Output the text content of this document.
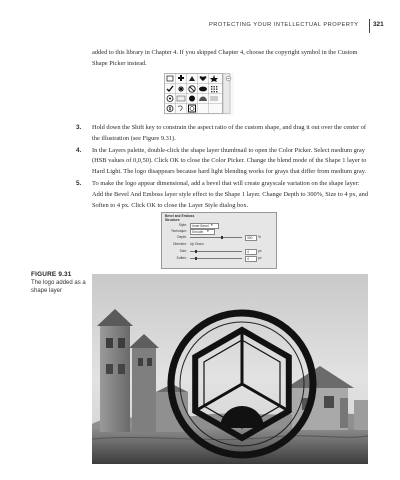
PROTECTING YOUR INTELLECTUAL PROPERTY 321

added to this library in Chapter 4. If you skipped Chapter 4, choose the copyright symbol in the Custom Shape Picker instead.

3. Hold down the Shift key to constrain the aspect ratio of the custom shape, and drag it out over the center of the illustration (see Figure 9.31).
4. In the Layers palette, double-click the shape layer thumbnail to open the Color Picker. Select medium gray (HSB values of 0,0,50). Click OK to close the Color Picker. Change the blend mode of the Shape 1 layer to Hard Light. The logo disappears because hard light blending works for grays that differ from medium gray.
5. To make the logo appear dimensional, add a bevel that will create grayscale variation on the shape layer: Add the Bevel And Emboss layer style effect to the Shape 1 layer. Change Depth to 300%, Size to 4 px, and Soften to 4 px. Click OK to close the Layer Style dialog box.
Bevel and Emboss
Structure
Style:	Inner Bevel ▾
Technique:	Smooth	▾
Depth:	300	%
Direction: Up Down
Size:	4	px
Soften:	4	px
FIGURE 9.31
The logo added as a shape layer
